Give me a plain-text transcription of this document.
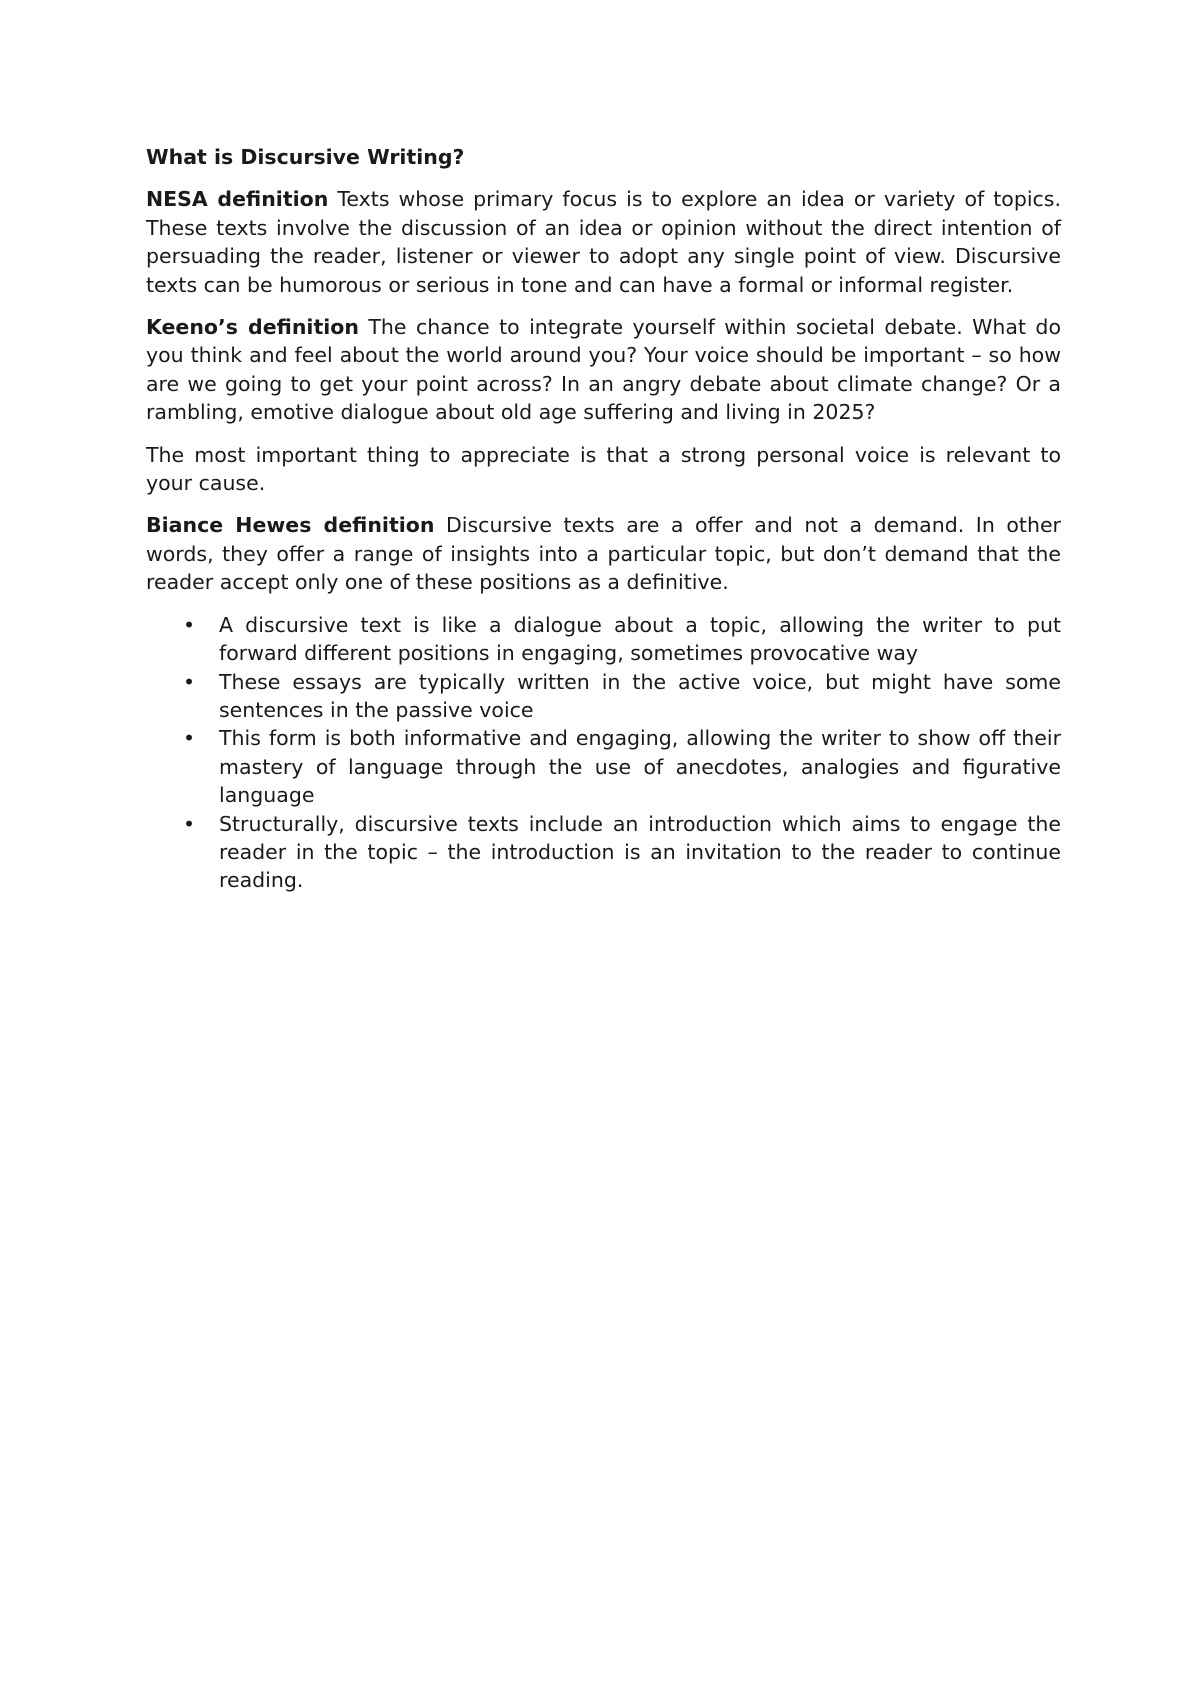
What is Discursive Writing?

NESA definition Texts whose primary focus is to explore an idea or variety of topics. These texts involve the discussion of an idea or opinion without the direct intention of persuading the reader, listener or viewer to adopt any single point of view. Discursive texts can be humorous or serious in tone and can have a formal or informal register.

Keeno’s definition The chance to integrate yourself within societal debate. What do you think and feel about the world around you? Your voice should be important – so how are we going to get your point across? In an angry debate about climate change? Or a rambling, emotive dialogue about old age suffering and living in 2025?

The most important thing to appreciate is that a strong personal voice is relevant to your cause.

Biance Hewes definition Discursive texts are a offer and not a demand. In other words, they offer a range of insights into a particular topic, but don’t demand that the reader accept only one of these positions as a definitive.

• A discursive text is like a dialogue about a topic, allowing the writer to put forward different positions in engaging, sometimes provocative way
• These essays are typically written in the active voice, but might have some sentences in the passive voice
• This form is both informative and engaging, allowing the writer to show off their mastery of language through the use of anecdotes, analogies and figurative language
• Structurally, discursive texts include an introduction which aims to engage the reader in the topic – the introduction is an invitation to the reader to continue reading.
